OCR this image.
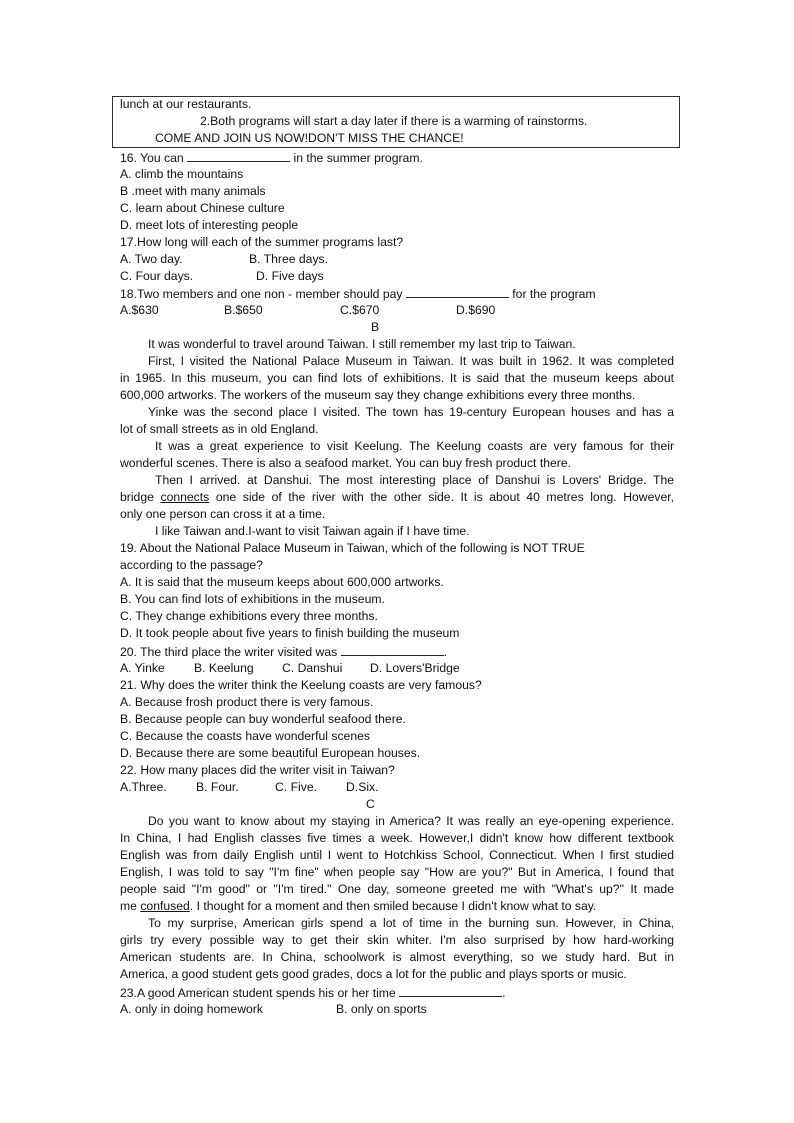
lunch at our restaurants.
2.Both programs will start a day later if there is a warming of rainstorms.
COME AND JOIN US NOW!DON'T MISS THE CHANCE!
16. You can	in the summer program.
A. climb the mountains
B .meet with many animals
C. learn about Chinese culture
D. meet lots of interesting people
17.How long will each of the summer programs last?
A. Two day.	B. Three days.
C. Four days.	D. Five days
18.Two members and one non - member should pay	for the program
A.$630	B.$650	C.$670	D.$690
B
It was wonderful to travel around Taiwan. I still remember my last trip to Taiwan.
First, I visited the National Palace Museum in Taiwan. It was built in 1962. It was completed
in 1965. In this museum, you can find lots of exhibitions. It is said that the museum keeps about
600,000 artworks. The workers of the museum say they change exhibitions every three months.
Yinke was the second place I visited. The town has 19-century European houses and has a
lot of small streets as in old England.
It was a great experience to visit Keelung. The Keelung coasts are very famous for their
wonderful scenes. There is also a seafood market. You can buy fresh product there.
Then I arrived. at Danshui. The most interesting place of Danshui is Lovers' Bridge. The
bridge connects one side of the river with the other side. It is about 40 metres long. However,
only one person can cross it at a time.
I like Taiwan and.I-want to visit Taiwan again if I have time.
19. About the National Palace Museum in Taiwan, which of the following is NOT TRUE
according to the passage?
A. It is said that the museum keeps about 600,000 artworks.
B. You can find lots of exhibitions in the museum.
C. They change exhibitions every three months.
D. It took people about five years to finish building the museum
20. The third place the writer visited was	.
A. Yinke B. Keelung C. Danshui D. Lovers'Bridge
21. Why does the writer think the Keelung coasts are very famous?
A. Because frosh product there is very famous.
B. Because people can buy wonderful seafood there.
C. Because the coasts have wonderful scenes
D. Because there are some beautiful European houses.
22. How many places did the writer visit in Taiwan?
A.Three. B. Four.	C. Five. D.Six.
C
Do you want to know about my staying in America? It was really an eye-opening experience.
In China, I had English classes five times a week. However,I didn't know how different textbook
English was from daily English until I went to Hotchkiss School, Connecticut. When I first studied
English, I was told to say "I'm fine" when people say "How are you?" But in America, I found that
people said "I'm good" or "I'm tired." One day, someone greeted me with "What's up?" It made
me confused. I thought for a moment and then smiled because I didn't know what to say.
To my surprise, American girls spend a lot of time in the burning sun. However, in China,
girls try every possible way to get their skin whiter. I'm also surprised by how hard-working
American students are. In China, schoolwork is almost everything, so we study hard. But in
America, a good student gets good grades, docs a lot for the public and plays sports or music.
23.A good American student spends his or her time	.
A. only in doing homework	B. only on sports
